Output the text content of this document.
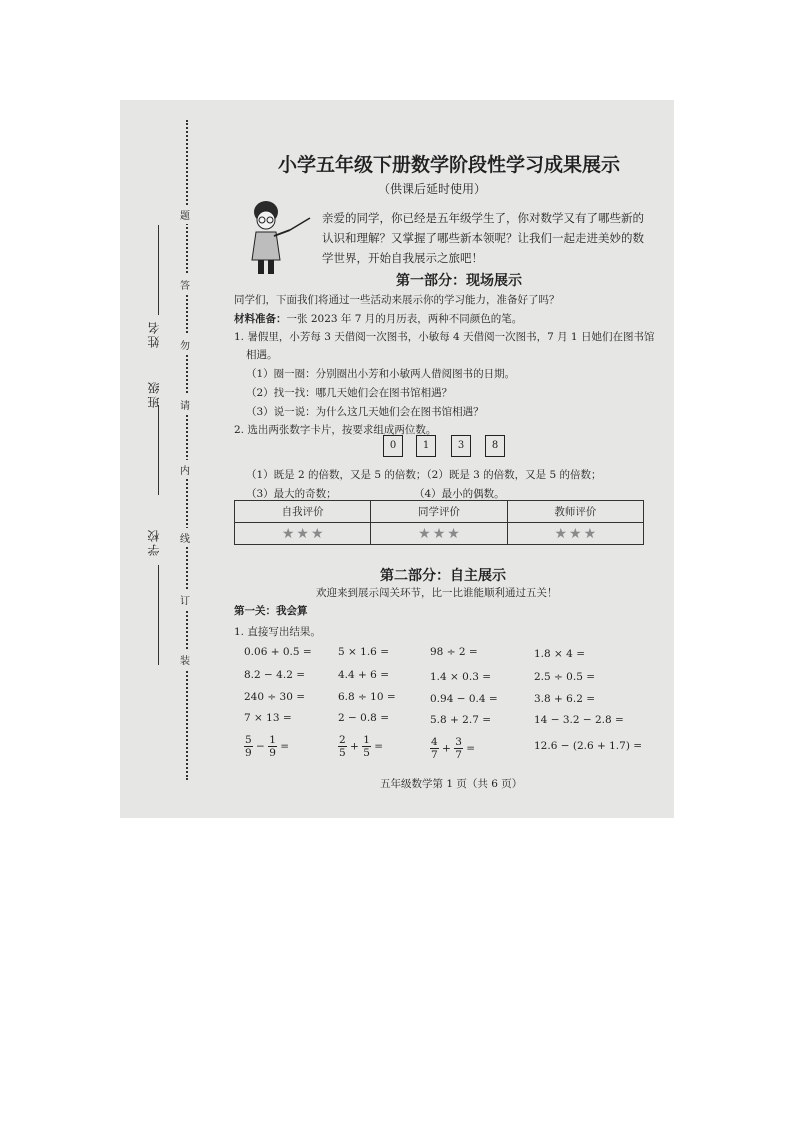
学校
班级
姓名
题
答
勿
请
内
线
订
装
小学五年级下册数学阶段性学习成果展示
（供课后延时使用）
亲爱的同学，你已经是五年级学生了，你对数学又有了哪些新的认识和理解？又掌握了哪些新本领呢？让我们一起走进美妙的数学世界，开始自我展示之旅吧！
第一部分：现场展示
同学们，下面我们将通过一些活动来展示你的学习能力，准备好了吗？
材料准备：一张 2023 年 7 月的月历表，两种不同颜色的笔。
1. 暑假里，小芳每 3 天借阅一次图书，小敏每 4 天借阅一次图书，7 月 1 日她们在图书馆
相遇。
（1）圈一圈：分别圈出小芳和小敏两人借阅图书的日期。
（2）找一找：哪几天她们会在图书馆相遇？
（3）说一说：为什么这几天她们会在图书馆相遇？
2. 选出两张数字卡片，按要求组成两位数。
0	1	3	8
（1）既是 2 的倍数，又是 5 的倍数；（2）既是 3 的倍数，又是 5 的倍数；
（3）最大的奇数；	（4）最小的偶数。
自我评价	同学评价	教师评价
★ ★ ★	★ ★ ★	★ ★ ★
第二部分：自主展示
欢迎来到展示闯关环节，比一比谁能顺利通过五关！
第一关：我会算
1. 直接写出结果。
0.06 + 0.5 =	5 × 1.6 =	98 ÷ 2 =	1.8 × 4 =
8.2 − 4.2 =	4.4 + 6 =	1.4 × 0.3 =	2.5 ÷ 0.5 =
240 ÷ 30 =	6.8 ÷ 10 =	0.94 − 0.4 =	3.8 + 6.2 =
7 × 13 =	2 − 0.8 =	5.8 + 2.7 =	14 − 3.2 − 2.8 =
$\frac{5}{9} - \frac{1}{9}$ =	$\frac{2}{5} + \frac{1}{5}$ =	$\frac{4}{7} + \frac{3}{7}$ =	12.6 − (2.6 + 1.7) =
五年级数学第 1 页（共 6 页）
